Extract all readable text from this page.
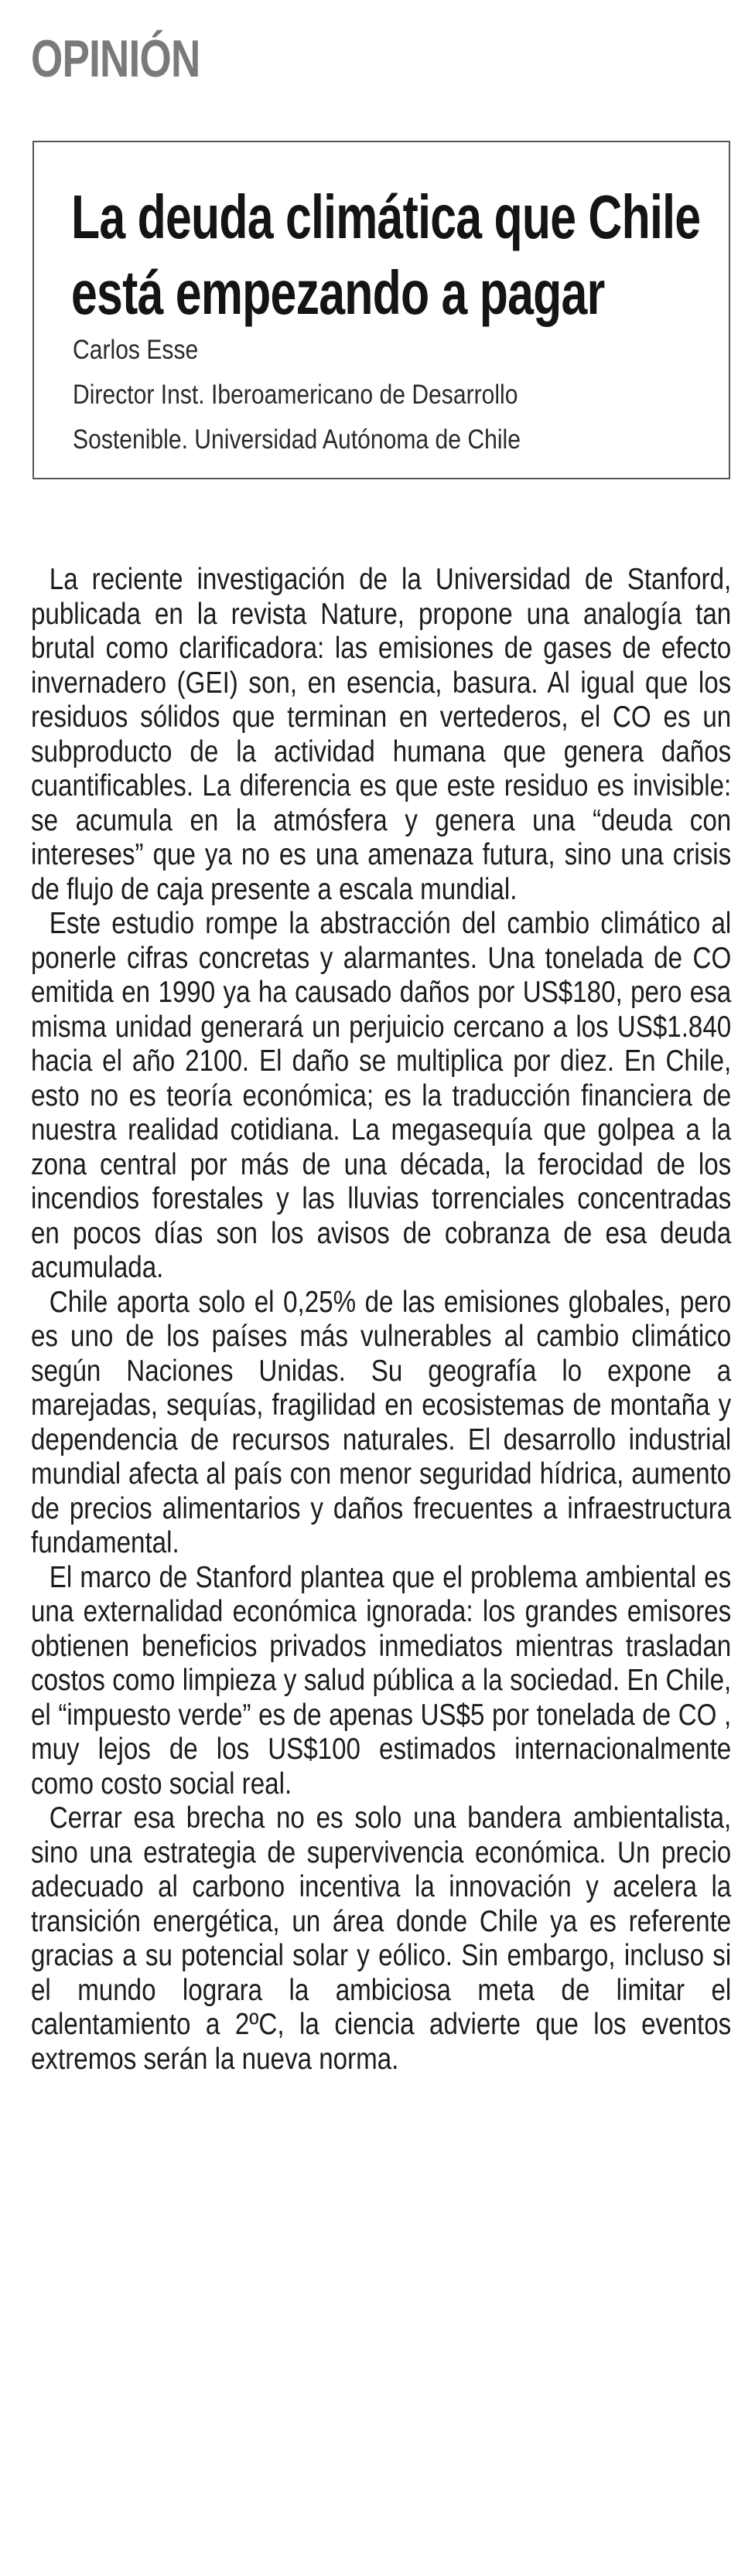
OPINIÓN
La deuda climática que Chile está empezando a pagar
Carlos Esse
Director Inst. Iberoamericano de Desarrollo
Sostenible. Universidad Autónoma de Chile

La reciente investigación de la Universidad de Stanford, publicada en la revista Nature, propone una analogía tan brutal como clarificadora: las emisiones de gases de efecto invernadero (GEI) son, en esencia, basura. Al igual que los residuos sólidos que terminan en vertederos, el CO es un subproducto de la actividad humana que genera daños cuantificables. La diferencia es que este residuo es invisible: se acumula en la atmósfera y genera una “deuda con intereses” que ya no es una amenaza futura, sino una crisis de flujo de caja presente a escala mundial.

Este estudio rompe la abstracción del cambio climático al ponerle cifras concretas y alarmantes. Una tonelada de CO emitida en 1990 ya ha causado daños por US$180, pero esa misma unidad generará un perjuicio cercano a los US$1.840 hacia el año 2100. El daño se multiplica por diez. En Chile, esto no es teoría económica; es la traducción financiera de nuestra realidad cotidiana. La megasequía que golpea a la zona central por más de una década, la ferocidad de los incendios forestales y las lluvias torrenciales concentradas en pocos días son los avisos de cobranza de esa deuda acumulada.

Chile aporta solo el 0,25% de las emisiones globales, pero es uno de los países más vulnerables al cambio climático según Naciones Unidas. Su geografía lo expone a marejadas, sequías, fragilidad en ecosistemas de montaña y dependencia de recursos naturales. El desarrollo industrial mundial afecta al país con menor seguridad hídrica, aumento de precios alimentarios y daños frecuentes a infraestructura fundamental.

El marco de Stanford plantea que el problema ambiental es una externalidad económica ignorada: los grandes emisores obtienen beneficios privados inmediatos mientras trasladan costos como limpieza y salud pública a la sociedad. En Chile, el “impuesto verde” es de apenas US$5 por tonelada de CO , muy lejos de los US$100 estimados internacionalmente como costo social real.

Cerrar esa brecha no es solo una bandera ambientalista, sino una estrategia de supervivencia económica. Un precio adecuado al carbono incentiva la innovación y acelera la transición energética, un área donde Chile ya es referente gracias a su potencial solar y eólico. Sin embargo, incluso si el mundo lograra la ambiciosa meta de limitar el calentamiento a 2ºC, la ciencia advierte que los eventos extremos serán la nueva norma.
